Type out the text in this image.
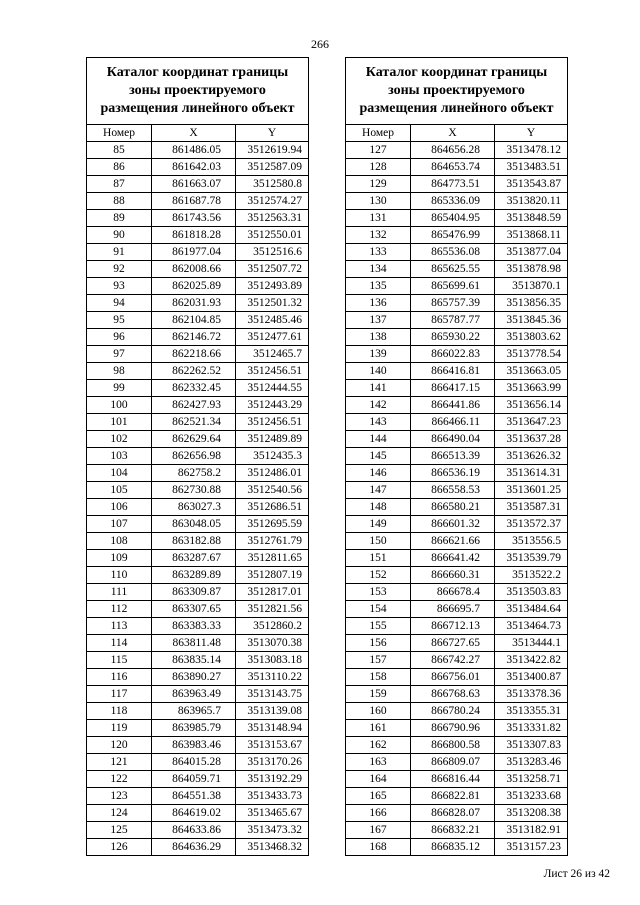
266
Каталог координат границы зоны проектируемого размещения линейного объект		
Номер	X	Y
85	861486.05	3512619.94
86	861642.03	3512587.09
87	861663.07	3512580.8
88	861687.78	3512574.27
89	861743.56	3512563.31
90	861818.28	3512550.01
91	861977.04	3512516.6
92	862008.66	3512507.72
93	862025.89	3512493.89
94	862031.93	3512501.32
95	862104.85	3512485.46
96	862146.72	3512477.61
97	862218.66	3512465.7
98	862262.52	3512456.51
99	862332.45	3512444.55
100	862427.93	3512443.29
101	862521.34	3512456.51
102	862629.64	3512489.89
103	862656.98	3512435.3
104	862758.2	3512486.01
105	862730.88	3512540.56
106	863027.3	3512686.51
107	863048.05	3512695.59
108	863182.88	3512761.79
109	863287.67	3512811.65
110	863289.89	3512807.19
111	863309.87	3512817.01
112	863307.65	3512821.56
113	863383.33	3512860.2
114	863811.48	3513070.38
115	863835.14	3513083.18
116	863890.27	3513110.22
117	863963.49	3513143.75
118	863965.7	3513139.08
119	863985.79	3513148.94
120	863983.46	3513153.67
121	864015.28	3513170.26
122	864059.71	3513192.29
123	864551.38	3513433.73
124	864619.02	3513465.67
125	864633.86	3513473.32
126	864636.29	3513468.32
Каталог координат границы зоны проектируемого размещения линейного объект		
Номер	X	Y
127	864656.28	3513478.12
128	864653.74	3513483.51
129	864773.51	3513543.87
130	865336.09	3513820.11
131	865404.95	3513848.59
132	865476.99	3513868.11
133	865536.08	3513877.04
134	865625.55	3513878.98
135	865699.61	3513870.1
136	865757.39	3513856.35
137	865787.77	3513845.36
138	865930.22	3513803.62
139	866022.83	3513778.54
140	866416.81	3513663.05
141	866417.15	3513663.99
142	866441.86	3513656.14
143	866466.11	3513647.23
144	866490.04	3513637.28
145	866513.39	3513626.32
146	866536.19	3513614.31
147	866558.53	3513601.25
148	866580.21	3513587.31
149	866601.32	3513572.37
150	866621.66	3513556.5
151	866641.42	3513539.79
152	866660.31	3513522.2
153	866678.4	3513503.83
154	866695.7	3513484.64
155	866712.13	3513464.73
156	866727.65	3513444.1
157	866742.27	3513422.82
158	866756.01	3513400.87
159	866768.63	3513378.36
160	866780.24	3513355.31
161	866790.96	3513331.82
162	866800.58	3513307.83
163	866809.07	3513283.46
164	866816.44	3513258.71
165	866822.81	3513233.68
166	866828.07	3513208.38
167	866832.21	3513182.91
168	866835.12	3513157.23
Лист 26 из 42
